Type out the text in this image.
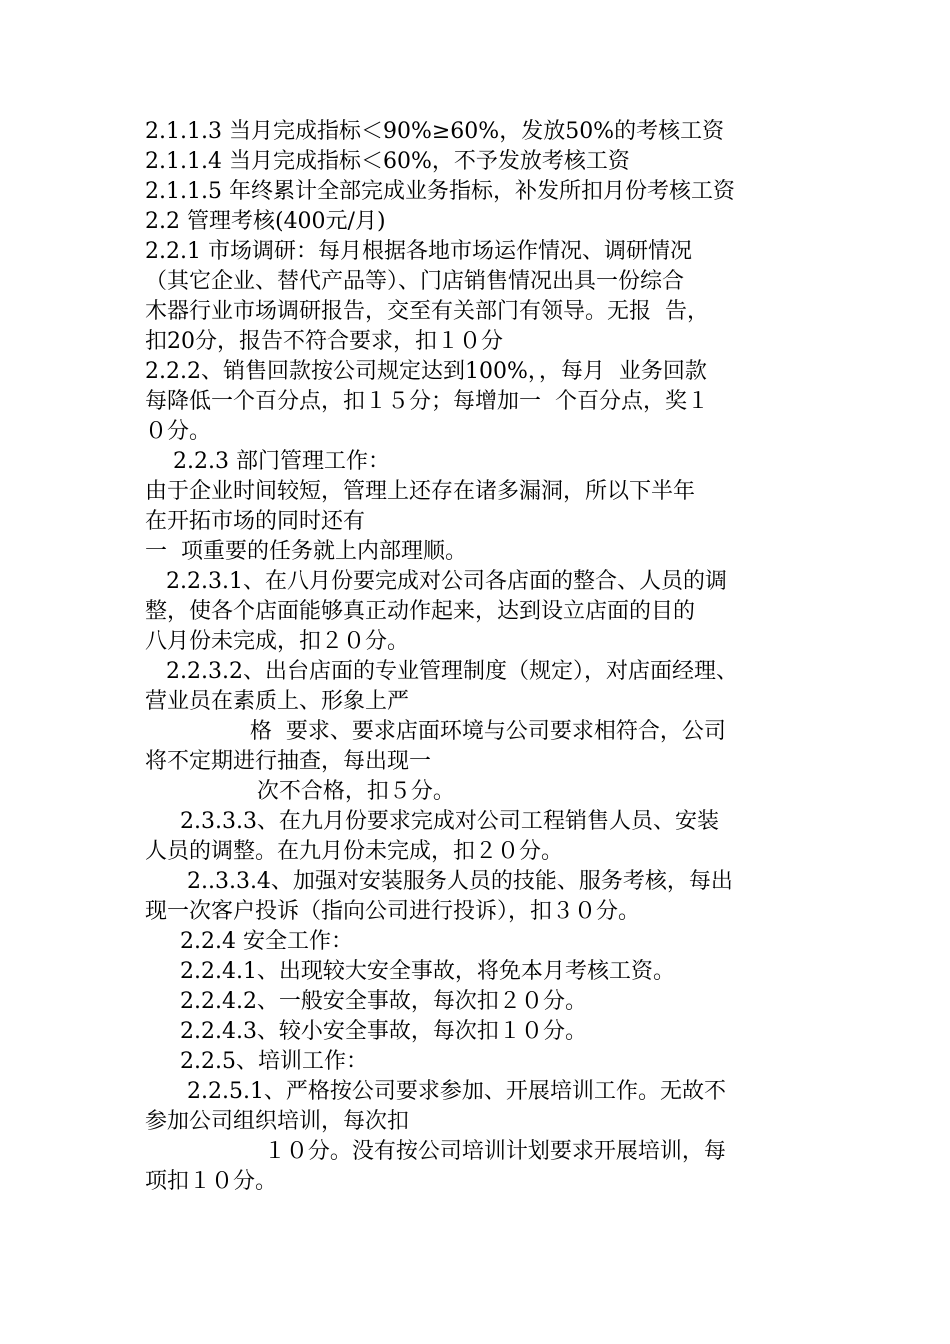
2.1.1.3 当月完成指标＜90%≥60%，发放50%的考核工资

2.1.1.4 当月完成指标＜60%，不予发放考核工资

2.1.1.5 年终累计全部完成业务指标，补发所扣月份考核工资

2.2 管理考核(400元/月)

2.2.1 市场调研：每月根据各地市场运作情况、调研情况

（其它企业、替代产品等）、门店销售情况出具一份综合

木器行业市场调研报告，交至有关部门有领导。无报  告，

扣20分，报告不符合要求，扣１０分

2.2.2、销售回款按公司规定达到100%，，每月  业务回款

每降低一个百分点，扣１５分；每增加一  个百分点，奖１

０分。

2.2.3 部门管理工作：

由于企业时间较短，管理上还存在诸多漏洞，所以下半年

在开拓市场的同时还有

一  项重要的任务就上内部理顺。

2.2.3.1、在八月份要完成对公司各店面的整合、人员的调

整，使各个店面能够真正动作起来，达到设立店面的目的

八月份未完成，扣２０分。

2.2.3.2、出台店面的专业管理制度（规定），对店面经理、

营业员在素质上、形象上严

格  要求、要求店面环境与公司要求相符合，公司

将不定期进行抽查，每出现一

次不合格，扣５分。

2.3.3.3、在九月份要求完成对公司工程销售人员、安装

人员的调整。在九月份未完成，扣２０分。

2..3.3.4、加强对安装服务人员的技能、服务考核，每出

现一次客户投诉（指向公司进行投诉），扣３０分。

2.2.4 安全工作：

2.2.4.1、出现较大安全事故，将免本月考核工资。

2.2.4.2、一般安全事故，每次扣２０分。

2.2.4.3、较小安全事故，每次扣１０分。

2.2.5、培训工作：

2.2.5.1、严格按公司要求参加、开展培训工作。无故不

参加公司组织培训，每次扣

１０分。没有按公司培训计划要求开展培训，每

项扣１０分。
